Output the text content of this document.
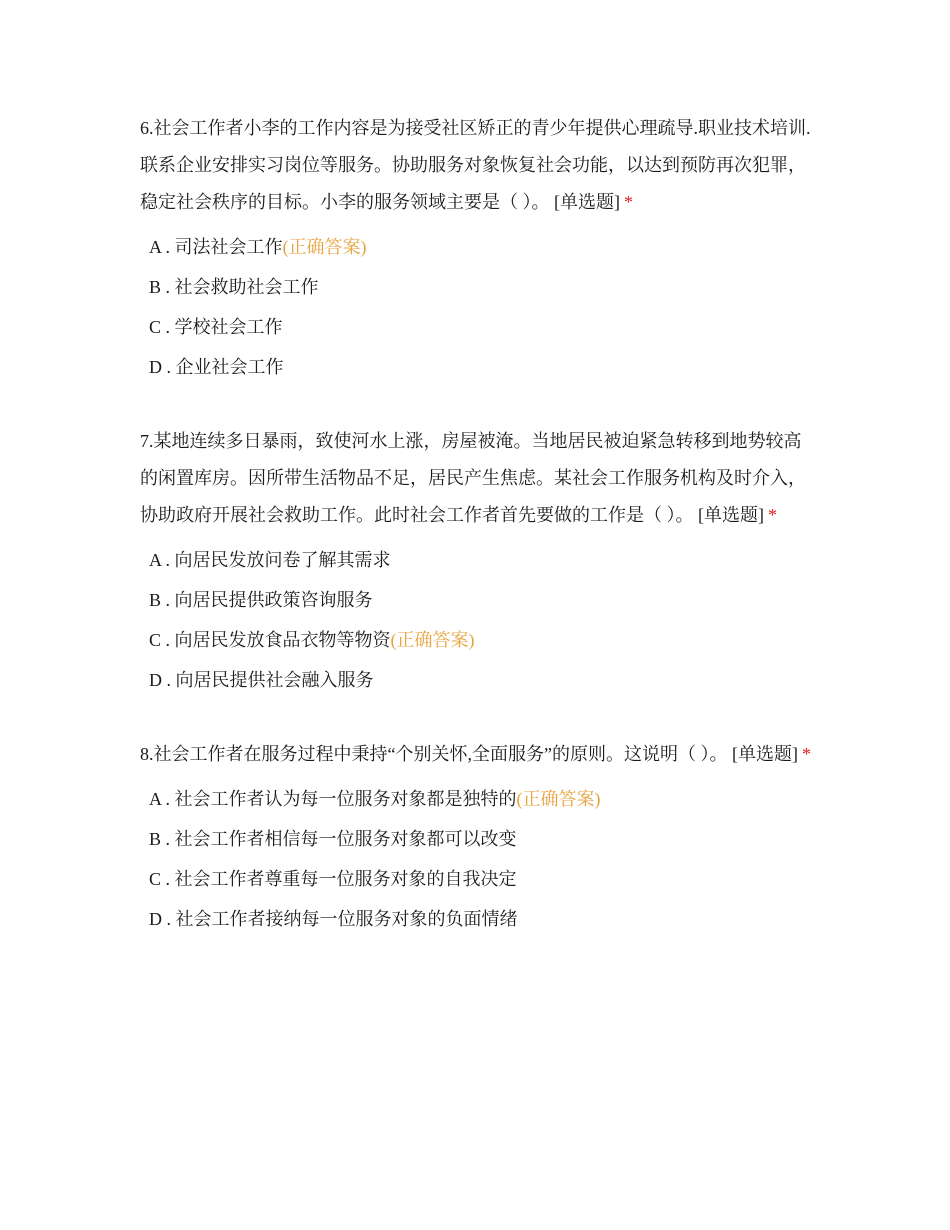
6.社会工作者小李的工作内容是为接受社区矫正的青少年提供心理疏导.职业技术培训.联系企业安排实习岗位等服务。协助服务对象恢复社会功能，以达到预防再次犯罪，稳定社会秩序的目标。小李的服务领域主要是（ ）。 [单选题] *

A . 司法社会工作(正确答案)
B . 社会救助社会工作
C . 学校社会工作
D . 企业社会工作

7.某地连续多日暴雨，致使河水上涨，房屋被淹。当地居民被迫紧急转移到地势较高的闲置库房。因所带生活物品不足，居民产生焦虑。某社会工作服务机构及时介入，协助政府开展社会救助工作。此时社会工作者首先要做的工作是（ ）。 [单选题] *

A . 向居民发放问卷了解其需求
B . 向居民提供政策咨询服务
C . 向居民发放食品衣物等物资(正确答案)
D . 向居民提供社会融入服务

8.社会工作者在服务过程中秉持“个别关怀,全面服务”的原则。这说明（ ）。 [单选题] *

A . 社会工作者认为每一位服务对象都是独特的(正确答案)
B . 社会工作者相信每一位服务对象都可以改变
C . 社会工作者尊重每一位服务对象的自我决定
D . 社会工作者接纳每一位服务对象的负面情绪
